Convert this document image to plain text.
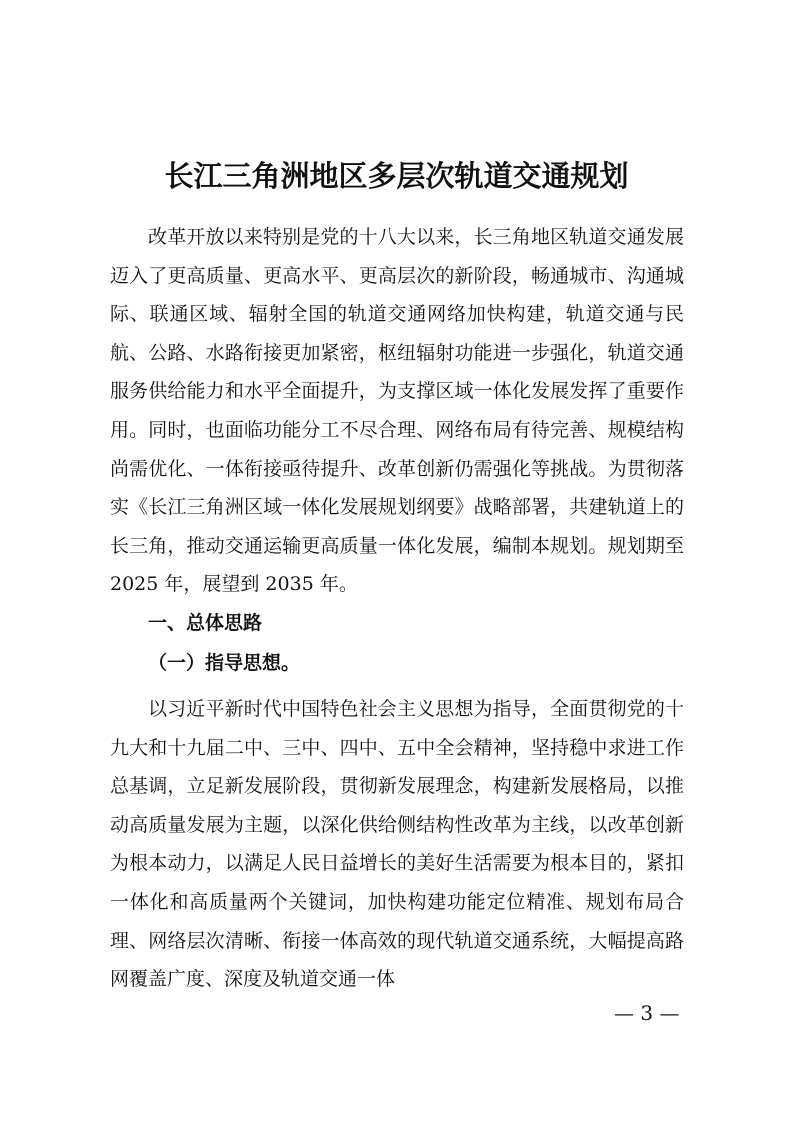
长江三角洲地区多层次轨道交通规划

改革开放以来特别是党的十八大以来，长三角地区轨道交通发展迈入了更高质量、更高水平、更高层次的新阶段，畅通城市、沟通城际、联通区域、辐射全国的轨道交通网络加快构建，轨道交通与民航、公路、水路衔接更加紧密，枢纽辐射功能进一步强化，轨道交通服务供给能力和水平全面提升，为支撑区域一体化发展发挥了重要作用。同时，也面临功能分工不尽合理、网络布局有待完善、规模结构尚需优化、一体衔接亟待提升、改革创新仍需强化等挑战。为贯彻落实《长江三角洲区域一体化发展规划纲要》战略部署，共建轨道上的长三角，推动交通运输更高质量一体化发展，编制本规划。规划期至 2025 年，展望到 2035 年。

一、总体思路
（一）指导思想。

以习近平新时代中国特色社会主义思想为指导，全面贯彻党的十九大和十九届二中、三中、四中、五中全会精神，坚持稳中求进工作总基调，立足新发展阶段，贯彻新发展理念，构建新发展格局，以推动高质量发展为主题，以深化供给侧结构性改革为主线，以改革创新为根本动力，以满足人民日益增长的美好生活需要为根本目的，紧扣一体化和高质量两个关键词，加快构建功能定位精准、规划布局合理、网络层次清晰、衔接一体高效的现代轨道交通系统，大幅提高路网覆盖广度、深度及轨道交通一体

— 3 —
